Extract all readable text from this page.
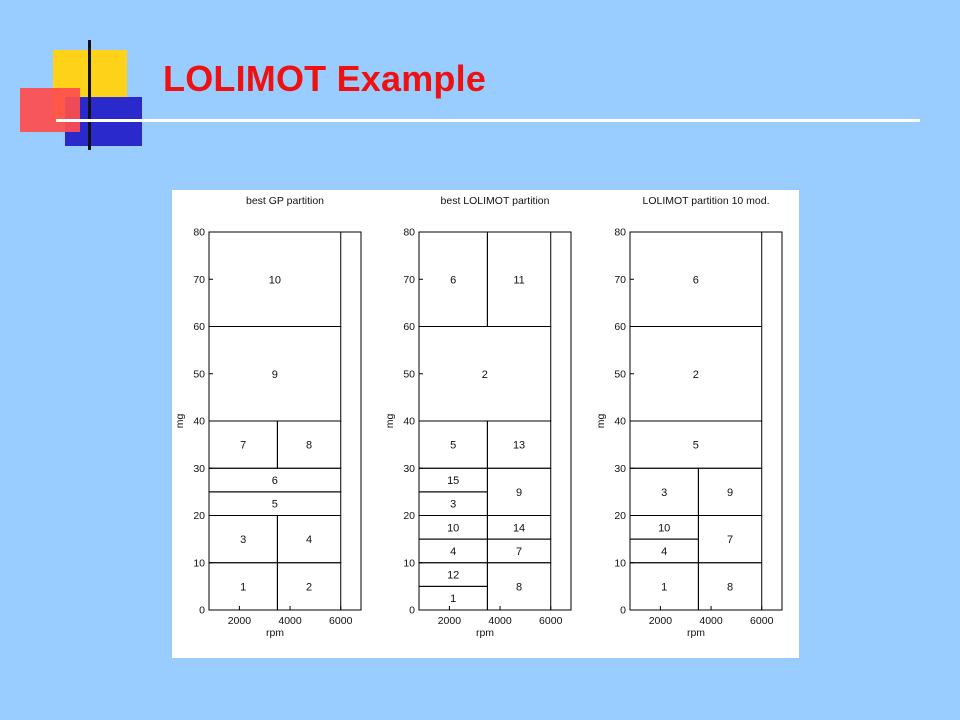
LOLIMOT Example
best GP partition
0
10
20
30
40
50
60
70
80
2000	4000	6000
rpm
mg
10
9
7	8
6
5
3	4
1	2
best LOLIMOT partition
0
10
20
30
40
50
60
70
80
2000	4000	6000
rpm
mg
6	11
2
5	13
15
3
9
10	14
4	7
12
1
8
LOLIMOT partition 10 mod.
0
10
20
30
40
50
60
70
80
2000	4000	6000
rpm
mg
6
2
5
3	9
10
4
7
1	8
